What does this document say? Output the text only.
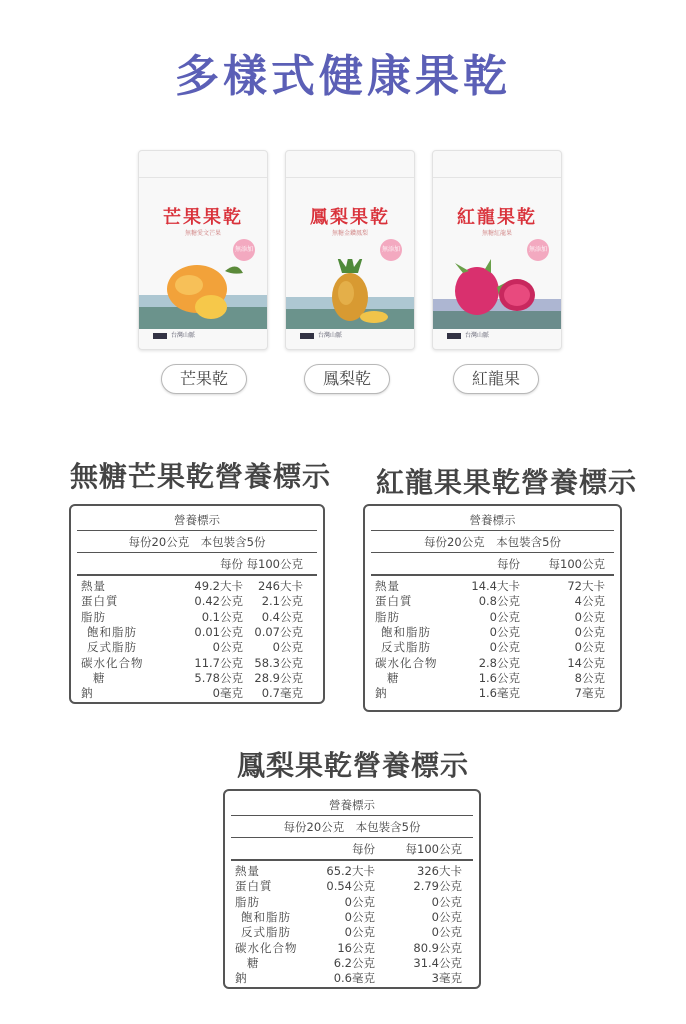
多樣式健康果乾
芒果果乾
無糖愛文芒果
無添加
台灣山脈
鳳梨果乾
無糖金鑽鳳梨
無添加
台灣山脈
紅龍果乾
無糖紅龍果
無添加
台灣山脈
芒果乾	鳳梨乾	紅龍果
無糖芒果乾營養標示 紅龍果果乾營養標示
鳳梨果乾營養標示
營養標示
每份20公克　本包裝含5份
每份 每100公克
熱量	49.2大卡 246大卡
蛋白質	0.42公克 2.1公克
脂肪	0.1公克 0.4公克
飽和脂肪	0.01公克 0.07公克
反式脂肪	0公克	0公克
碳水化合物	11.7公克 58.3公克
糖	5.78公克 28.9公克
鈉	0毫克 0.7毫克
營養標示
每份20公克　本包裝含5份
每份 每100公克
熱量	14.4大卡	72大卡
蛋白質	0.8公克	4公克
脂肪	0公克	0公克
飽和脂肪	0公克	0公克
反式脂肪	0公克	0公克
碳水化合物	2.8公克	14公克
糖	1.6公克	8公克
鈉	1.6毫克	7毫克
營養標示
每份20公克　本包裝含5份
每份	每100公克
熱量	65.2大卡	326大卡
蛋白質	0.54公克	2.79公克
脂肪	0公克	0公克
飽和脂肪	0公克	0公克
反式脂肪	0公克	0公克
碳水化合物	16公克	80.9公克
糖	6.2公克	31.4公克
鈉	0.6毫克	3毫克
